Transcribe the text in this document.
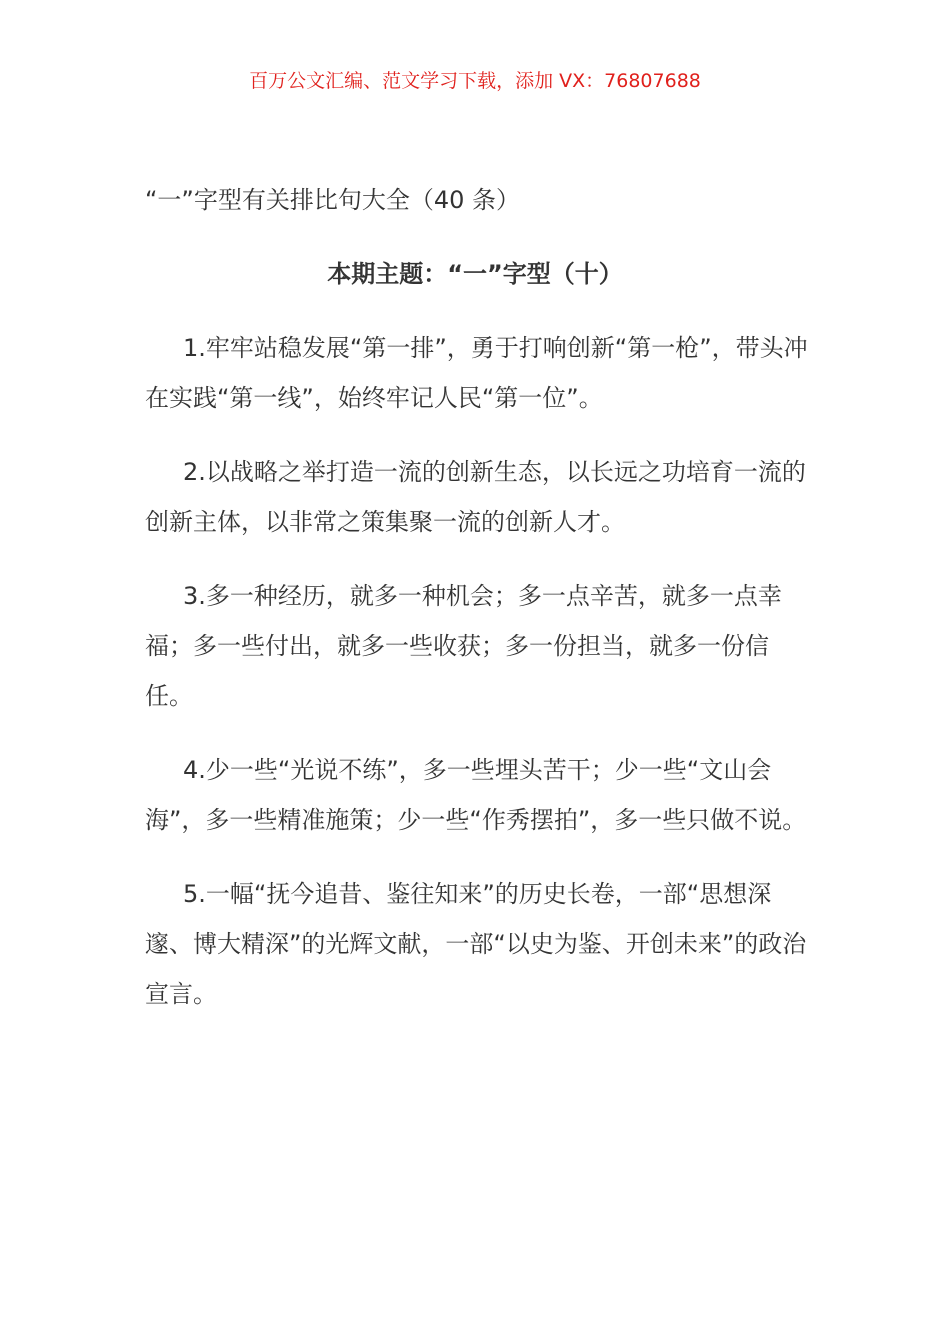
百万公文汇编、范文学习下载，添加 VX：76807688
“一”字型有关排比句大全（40 条）
本期主题：“一”字型（十）

1.牢牢站稳发展“第一排”，勇于打响创新“第一枪”，带头冲在实践“第一线”，始终牢记人民“第一位”。

2.以战略之举打造一流的创新生态，以长远之功培育一流的创新主体，以非常之策集聚一流的创新人才。

3.多一种经历，就多一种机会；多一点辛苦，就多一点幸福；多一些付出，就多一些收获；多一份担当，就多一份信任。

4.少一些“光说不练”，多一些埋头苦干；少一些“文山会海”，多一些精准施策；少一些“作秀摆拍”，多一些只做不说。

5.一幅“抚今追昔、鉴往知来”的历史长卷，一部“思想深邃、博大精深”的光辉文献，一部“以史为鉴、开创未来”的政治宣言。
